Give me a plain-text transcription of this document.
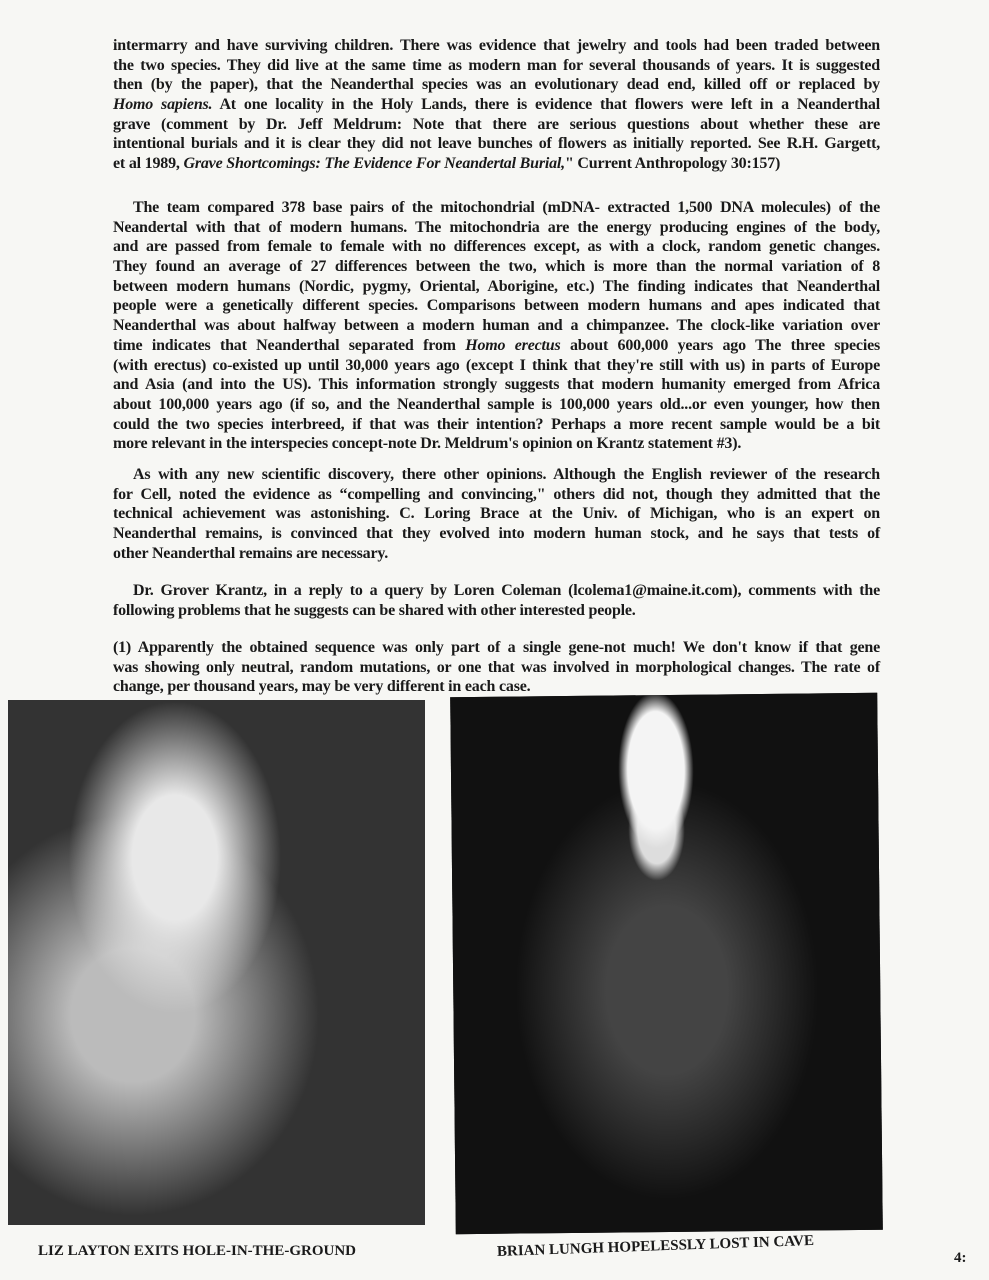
intermarry and have surviving children. There was evidence that jewelry and tools had been traded between
the two species. They did live at the same time as modern man for several thousands of years. It is suggested
then (by the paper), that the Neanderthal species was an evolutionary dead end, killed off or replaced by
Homo sapiens. At one locality in the Holy Lands, there is evidence that flowers were left in a Neanderthal
grave (comment by Dr. Jeff Meldrum: Note that there are serious questions about whether these are
intentional burials and it is clear they did not leave bunches of flowers as initially reported. See R.H. Gargett,
et al 1989, Grave Shortcomings: The Evidence For Neandertal Burial," Current Anthropology 30:157)
The team compared 378 base pairs of the mitochondrial (mDNA- extracted 1,500 DNA molecules) of the
Neandertal with that of modern humans. The mitochondria are the energy producing engines of the body,
and are passed from female to female with no differences except, as with a clock, random genetic changes.
They found an average of 27 differences between the two, which is more than the normal variation of 8
between modern humans (Nordic, pygmy, Oriental, Aborigine, etc.) The finding indicates that Neanderthal
people were a genetically different species. Comparisons between modern humans and apes indicated that
Neanderthal was about halfway between a modern human and a chimpanzee. The clock-like variation over
time indicates that Neanderthal separated from Homo erectus about 600,000 years ago The three species
(with erectus) co-existed up until 30,000 years ago (except I think that they're still with us) in parts of Europe
and Asia (and into the US). This information strongly suggests that modern humanity emerged from Africa
about 100,000 years ago (if so, and the Neanderthal sample is 100,000 years old...or even younger, how then
could the two species interbreed, if that was their intention? Perhaps a more recent sample would be a bit
more relevant in the interspecies concept-note Dr. Meldrum's opinion on Krantz statement #3).
As with any new scientific discovery, there other opinions. Although the English reviewer of the research
for Cell, noted the evidence as “compelling and convincing," others did not, though they admitted that the
technical achievement was astonishing. C. Loring Brace at the Univ. of Michigan, who is an expert on
Neanderthal remains, is convinced that they evolved into modern human stock, and he says that tests of
other Neanderthal remains are necessary.
Dr. Grover Krantz, in a reply to a query by Loren Coleman (lcolema1@maine.it.com), comments with the
following problems that he suggests can be shared with other interested people.
(1) Apparently the obtained sequence was only part of a single gene-not much! We don't know if that gene
was showing only neutral, random mutations, or one that was involved in morphological changes. The rate of
change, per thousand years, may be very different in each case.
LIZ LAYTON EXITS HOLE-IN-THE-GROUND	BRIAN LUNGH HOPELESSLY LOST IN CAVE	4:
